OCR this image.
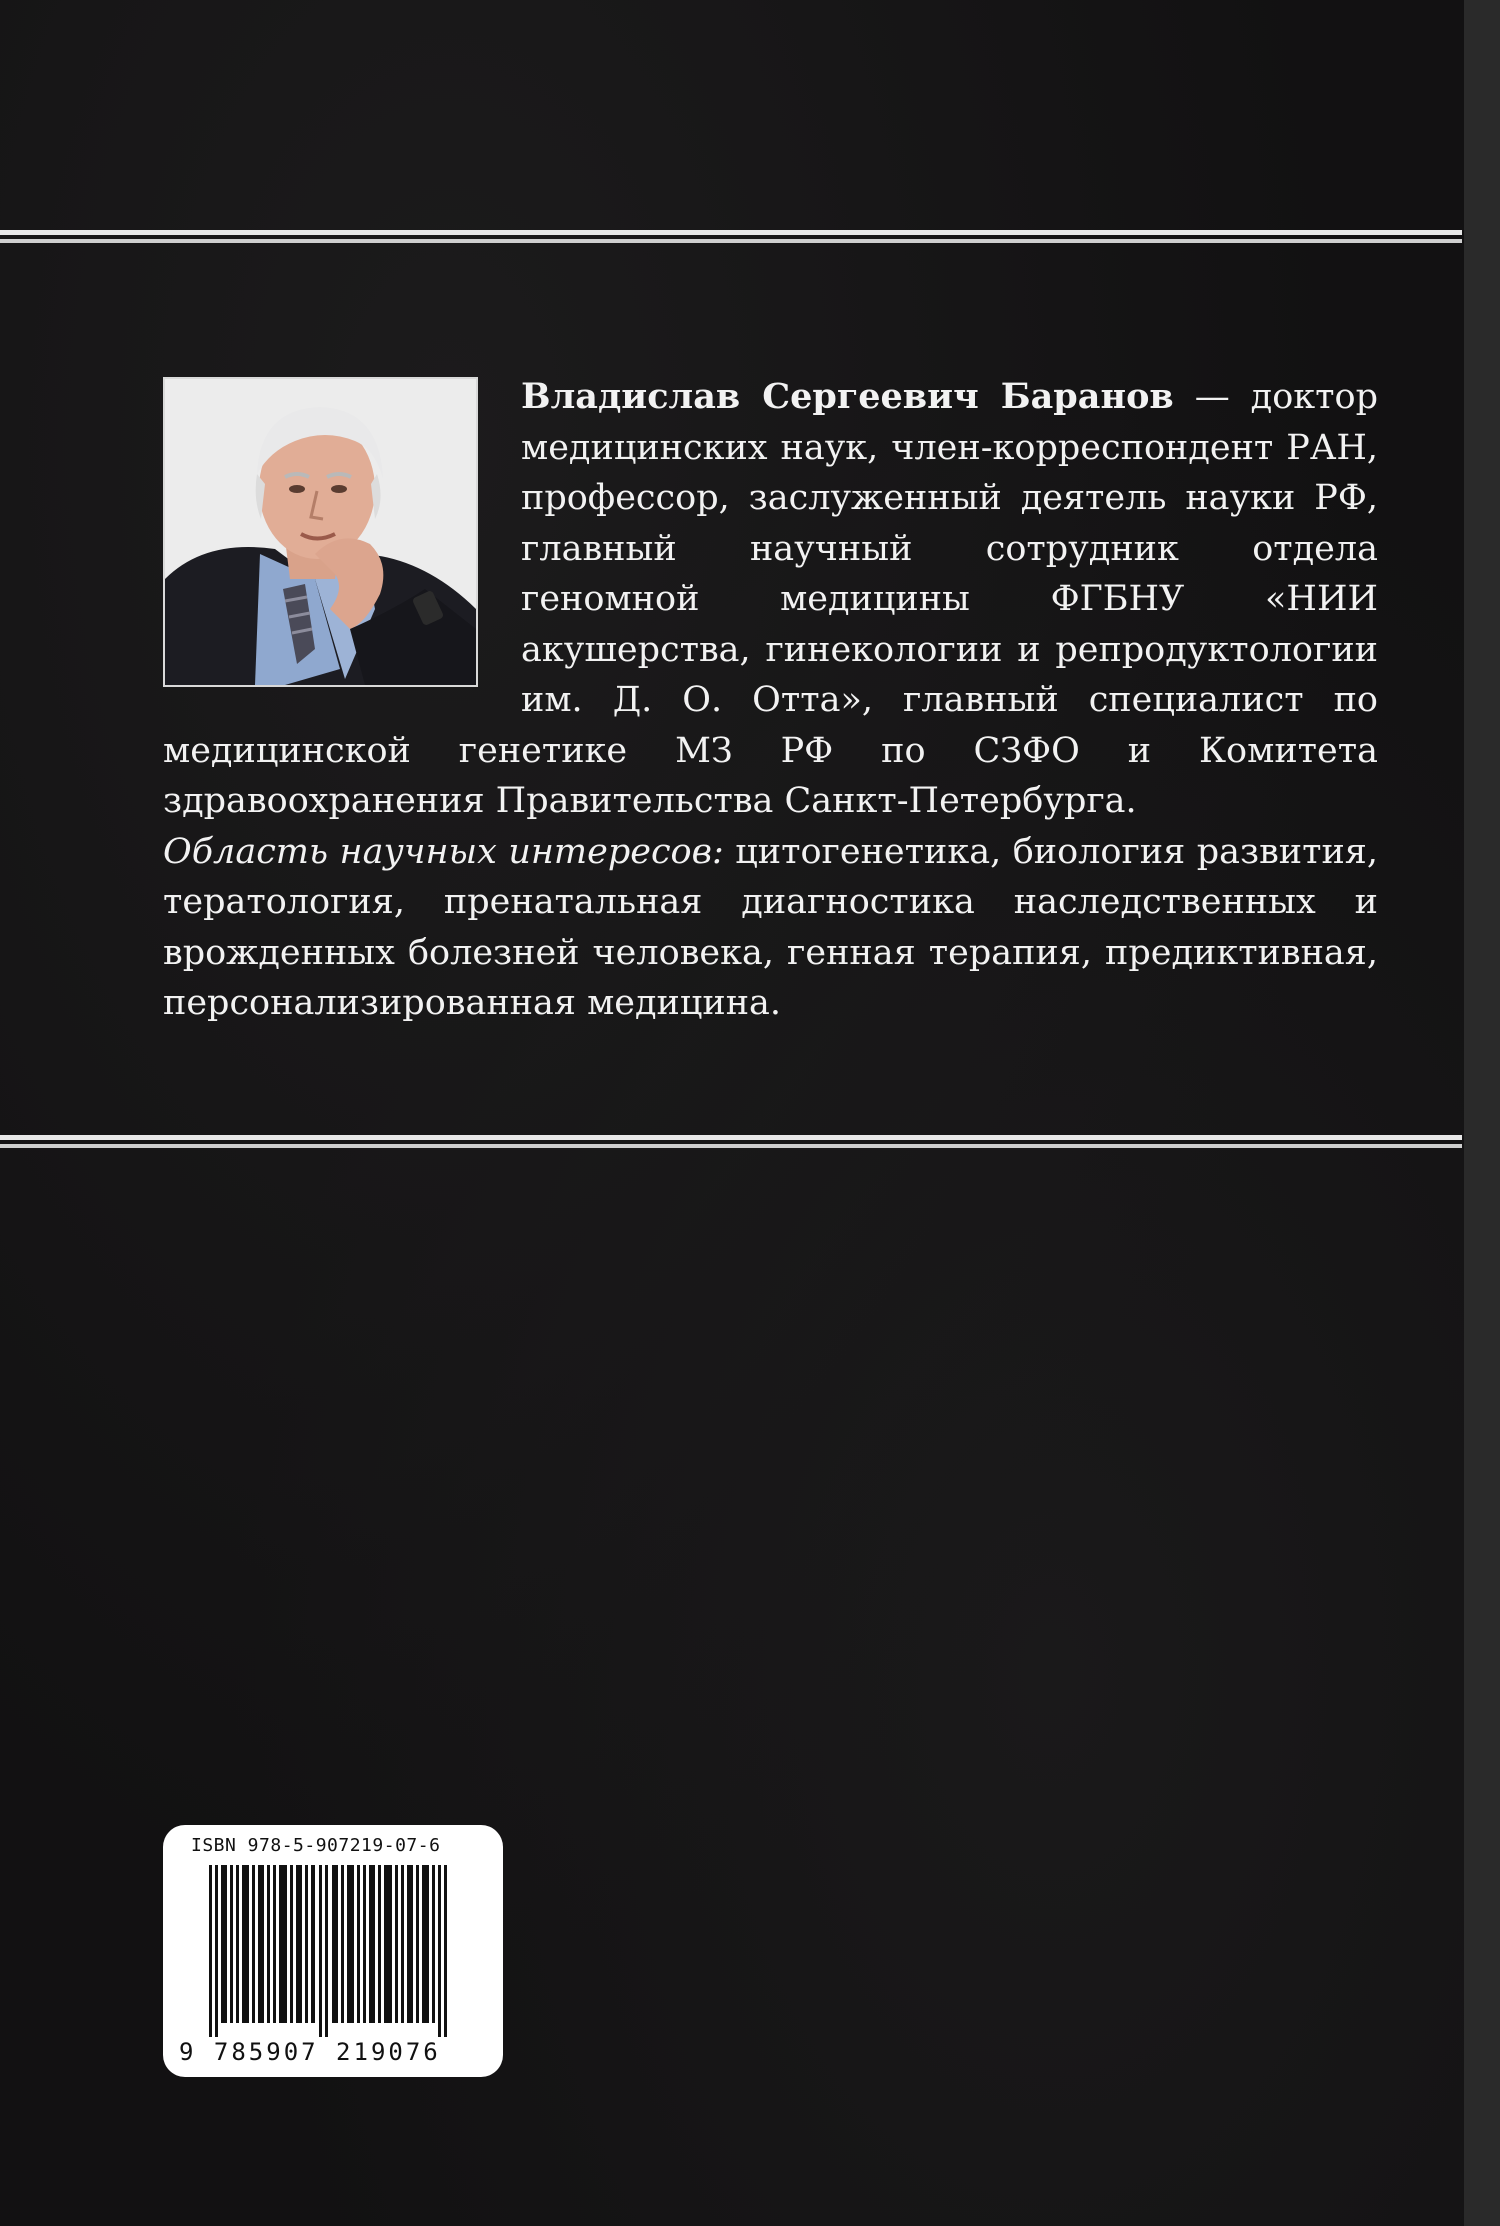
Владислав Сергеевич Баранов — доктор медицинских наук, член-корреспондент РАН, профессор, заслуженный деятель науки РФ, главный научный сотрудник отдела геномной медицины ФГБНУ «НИИ акушерства, гинекологии и репродуктологии им. Д. О. Отта», главный специалист по медицинской генетике МЗ РФ по СЗФО и Комитета здравоохранения Правительства Санкт-Петербурга.

Область научных интересов: цитогенетика, биология развития, тератология, пренатальная диагностика наследственных и врожденных болезней человека, генная терапия, предиктивная, персонализированная медицина.

ISBN 978-5-907219-07-6
9 785907 219076
